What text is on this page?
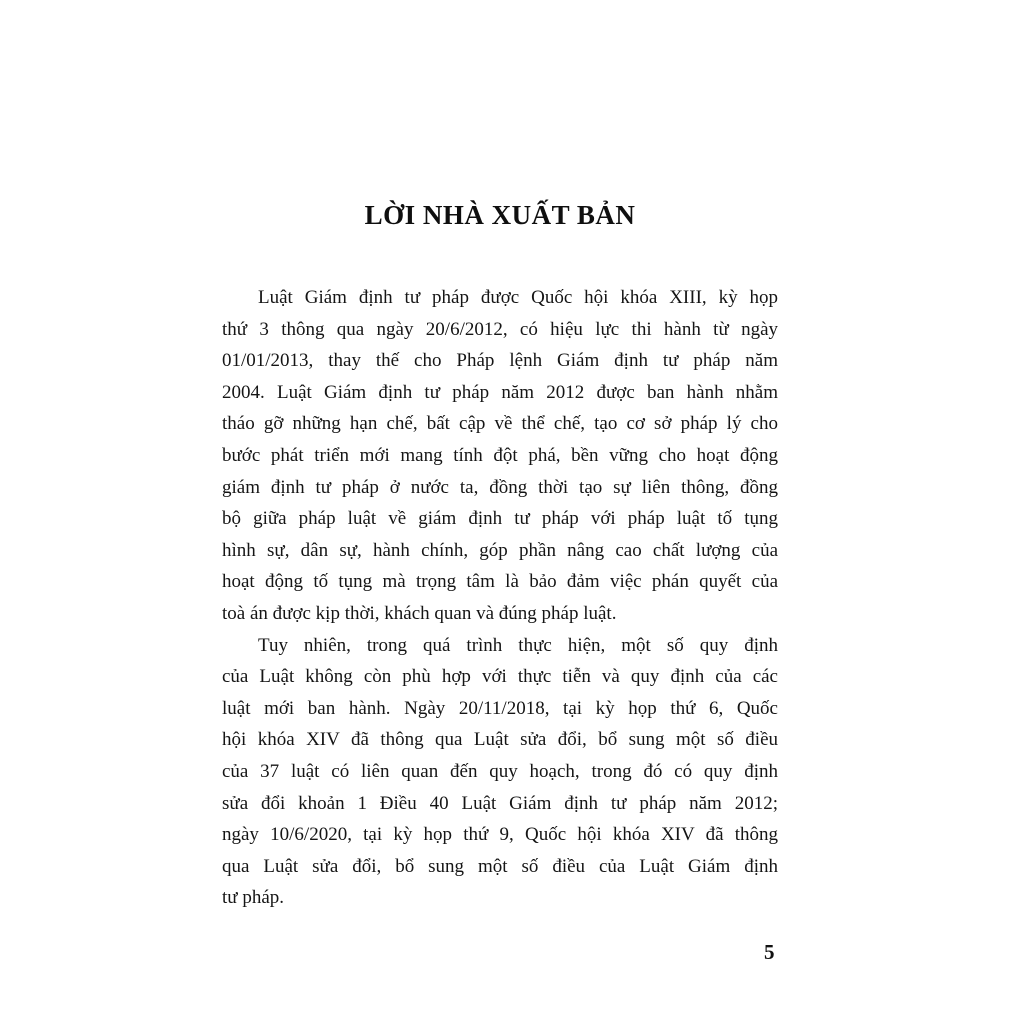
LỜI NHÀ XUẤT BẢN
Luật Giám định tư pháp được Quốc hội khóa XIII, kỳ họp
thứ 3 thông qua ngày 20/6/2012, có hiệu lực thi hành từ ngày
01/01/2013, thay thế cho Pháp lệnh Giám định tư pháp năm
2004. Luật Giám định tư pháp năm 2012 được ban hành nhằm
tháo gỡ những hạn chế, bất cập về thể chế, tạo cơ sở pháp lý cho
bước phát triển mới mang tính đột phá, bền vững cho hoạt động
giám định tư pháp ở nước ta, đồng thời tạo sự liên thông, đồng
bộ giữa pháp luật về giám định tư pháp với pháp luật tố tụng
hình sự, dân sự, hành chính, góp phần nâng cao chất lượng của
hoạt động tố tụng mà trọng tâm là bảo đảm việc phán quyết của
toà án được kịp thời, khách quan và đúng pháp luật.
Tuy nhiên, trong quá trình thực hiện, một số quy định
của Luật không còn phù hợp với thực tiễn và quy định của các
luật mới ban hành. Ngày 20/11/2018, tại kỳ họp thứ 6, Quốc
hội khóa XIV đã thông qua Luật sửa đổi, bổ sung một số điều
của 37 luật có liên quan đến quy hoạch, trong đó có quy định
sửa đổi khoản 1 Điều 40 Luật Giám định tư pháp năm 2012;
ngày 10/6/2020, tại kỳ họp thứ 9, Quốc hội khóa XIV đã thông
qua Luật sửa đổi, bổ sung một số điều của Luật Giám định
tư pháp.
5
